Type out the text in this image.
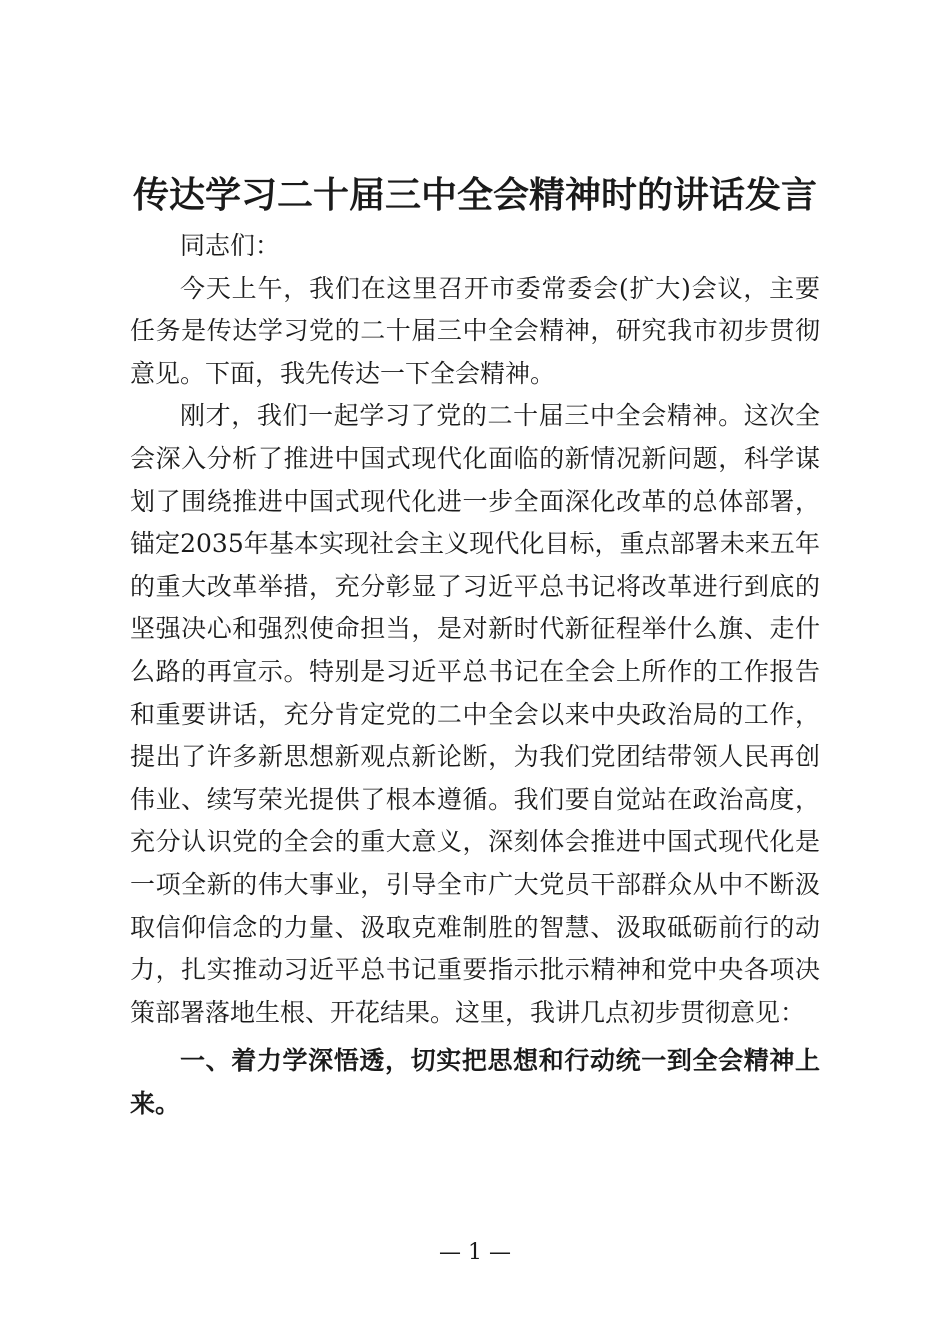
传达学习二十届三中全会精神时的讲话发言

同志们：

今天上午，我们在这里召开市委常委会(扩大)会议，主要任务是传达学习党的二十届三中全会精神，研究我市初步贯彻意见。下面，我先传达一下全会精神。

刚才，我们一起学习了党的二十届三中全会精神。这次全会深入分析了推进中国式现代化面临的新情况新问题，科学谋划了围绕推进中国式现代化进一步全面深化改革的总体部署，锚定2035年基本实现社会主义现代化目标，重点部署未来五年的重大改革举措，充分彰显了习近平总书记将改革进行到底的坚强决心和强烈使命担当，是对新时代新征程举什么旗、走什么路的再宣示。特别是习近平总书记在全会上所作的工作报告和重要讲话，充分肯定党的二中全会以来中央政治局的工作，提出了许多新思想新观点新论断，为我们党团结带领人民再创伟业、续写荣光提供了根本遵循。我们要自觉站在政治高度，充分认识党的全会的重大意义，深刻体会推进中国式现代化是一项全新的伟大事业，引导全市广大党员干部群众从中不断汲取信仰信念的力量、汲取克难制胜的智慧、汲取砥砺前行的动力，扎实推动习近平总书记重要指示批示精神和党中央各项决策部署落地生根、开花结果。这里，我讲几点初步贯彻意见：

一、着力学深悟透，切实把思想和行动统一到全会精神上来。

— 1 —
